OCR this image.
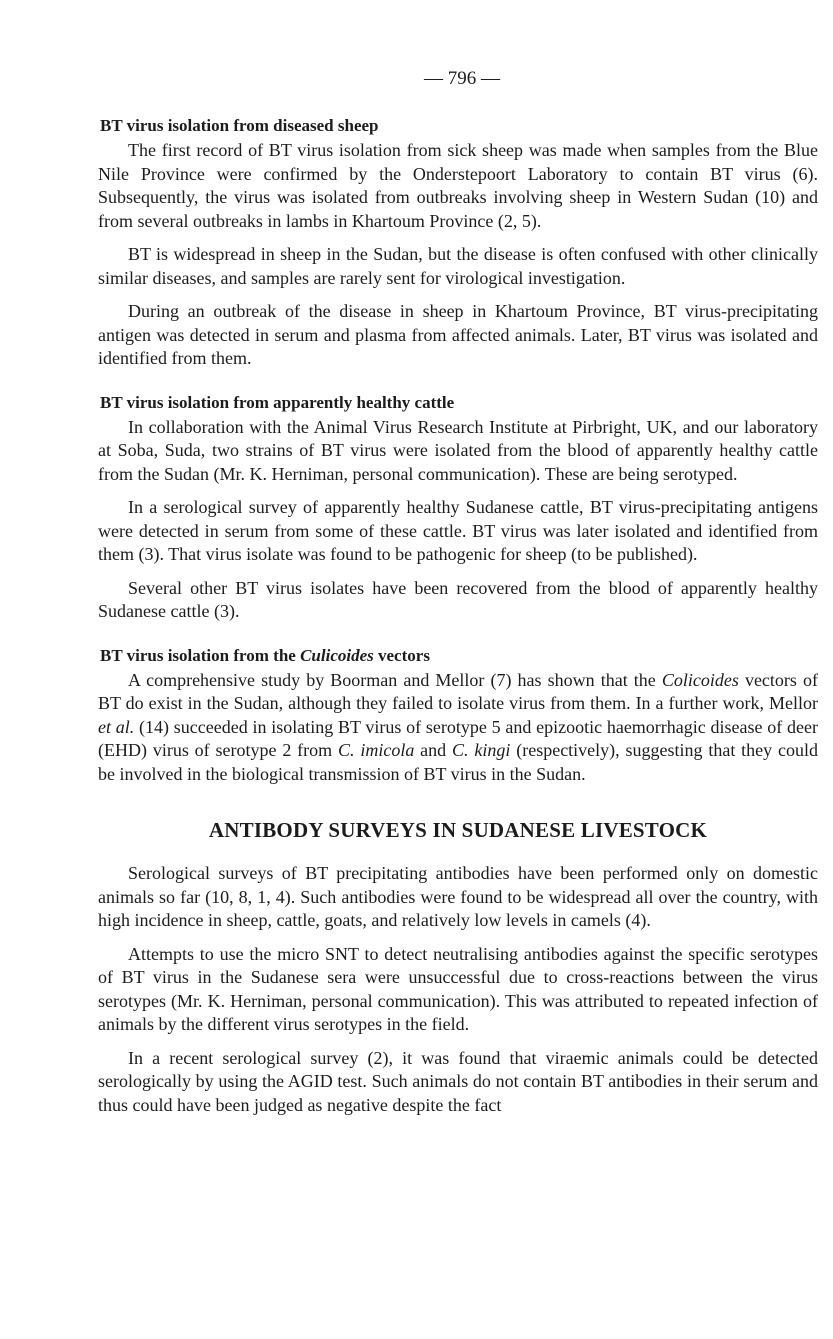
— 796 —
BT virus isolation from diseased sheep

The first record of BT virus isolation from sick sheep was made when samples from the Blue Nile Province were confirmed by the Onderstepoort Laboratory to contain BT virus (6). Subsequently, the virus was isolated from outbreaks involving sheep in Western Sudan (10) and from several outbreaks in lambs in Khartoum Province (2, 5).

BT is widespread in sheep in the Sudan, but the disease is often confused with other clinically similar diseases, and samples are rarely sent for virological investigation.

During an outbreak of the disease in sheep in Khartoum Province, BT virus-precipitating antigen was detected in serum and plasma from affected animals. Later, BT virus was isolated and identified from them.

BT virus isolation from apparently healthy cattle

In collaboration with the Animal Virus Research Institute at Pirbright, UK, and our laboratory at Soba, Suda, two strains of BT virus were isolated from the blood of apparently healthy cattle from the Sudan (Mr. K. Herniman, personal communication). These are being serotyped.

In a serological survey of apparently healthy Sudanese cattle, BT virus-precipitating antigens were detected in serum from some of these cattle. BT virus was later isolated and identified from them (3). That virus isolate was found to be pathogenic for sheep (to be published).

Several other BT virus isolates have been recovered from the blood of apparently healthy Sudanese cattle (3).

BT virus isolation from the Culicoides vectors

A comprehensive study by Boorman and Mellor (7) has shown that the Colicoides vectors of BT do exist in the Sudan, although they failed to isolate virus from them. In a further work, Mellor et al. (14) succeeded in isolating BT virus of serotype 5 and epizootic haemorrhagic disease of deer (EHD) virus of serotype 2 from C. imicola and C. kingi (respectively), suggesting that they could be involved in the biological transmission of BT virus in the Sudan.

ANTIBODY SURVEYS IN SUDANESE LIVESTOCK

Serological surveys of BT precipitating antibodies have been performed only on domestic animals so far (10, 8, 1, 4). Such antibodies were found to be widespread all over the country, with high incidence in sheep, cattle, goats, and relatively low levels in camels (4).

Attempts to use the micro SNT to detect neutralising antibodies against the specific serotypes of BT virus in the Sudanese sera were unsuccessful due to cross-reactions between the virus serotypes (Mr. K. Herniman, personal communication). This was attributed to repeated infection of animals by the different virus serotypes in the field.

In a recent serological survey (2), it was found that viraemic animals could be detected serologically by using the AGID test. Such animals do not contain BT antibodies in their serum and thus could have been judged as negative despite the fact
